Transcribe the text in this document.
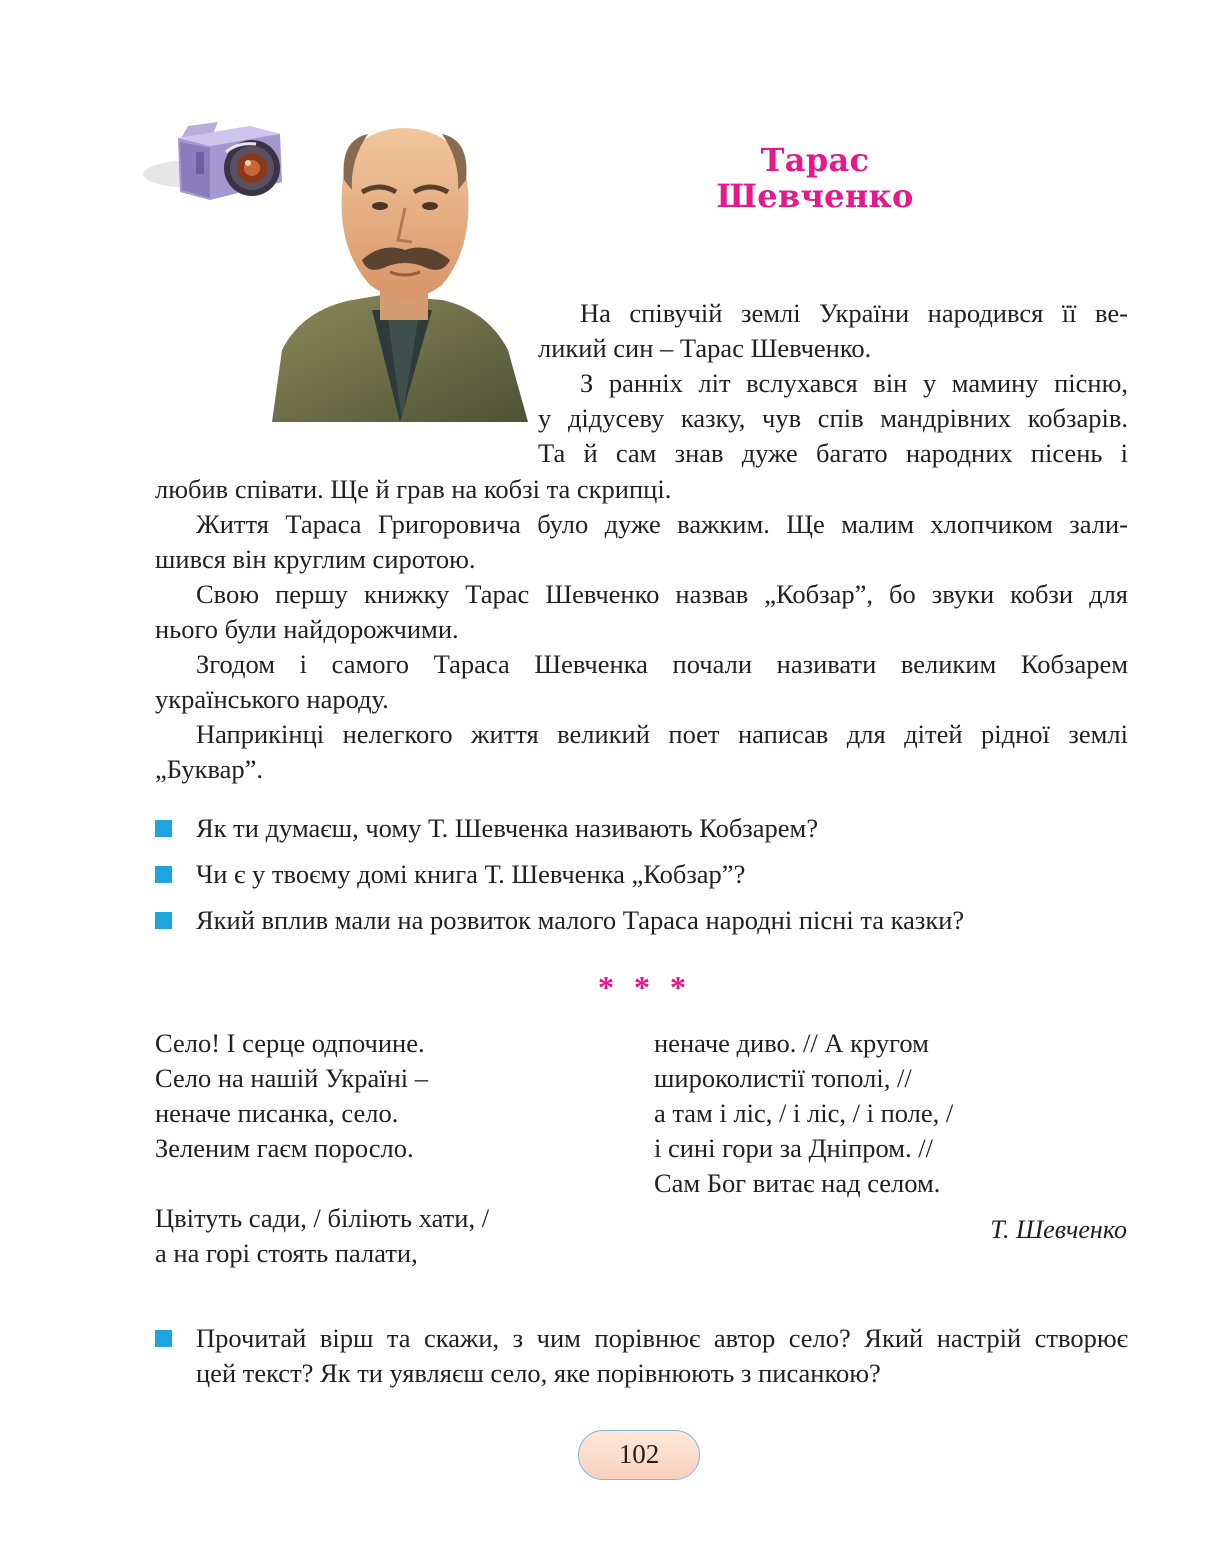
Тарас
Шевченко
На співучій землі України народився її ве-
ликий син – Тарас Шевченко.
З ранніх літ вслухався він у мамину пісню,
у дідусеву казку, чув спів мандрівних кобзарів.
Та й сам знав дуже багато народних пісень і
любив співати. Ще й грав на кобзі та скрипці.
Життя Тараса Григоровича було дуже важким. Ще малим хлопчиком зали-
шився він круглим сиротою.
Свою першу книжку Тарас Шевченко назвав „Кобзар”, бо звуки кобзи для
нього були найдорожчими.
Згодом і самого Тараса Шевченка почали називати великим Кобзарем
українського народу.
Наприкінці нелегкого життя великий поет написав для дітей рідної землі
„Буквар”.
Як ти думаєш, чому Т. Шевченка називають Кобзарем?
Чи є у твоєму домі книга Т. Шевченка „Кобзар”?
Який вплив мали на розвиток малого Тараса народні пісні та казки?
* * *
Село! І серце одпочине.
Село на нашій Україні –
неначе писанка, село.
Зеленим гаєм поросло.
Цвітуть сади, / біліють хати, /
а на горі стоять палати,
неначе диво. // А кругом
широколистії тополі, //
а там і ліс, / і ліс, / і поле, /
і сині гори за Дніпром. //
Сам Бог витає над селом.
Т. Шевченко
Прочитай вірш та скажи, з чим порівнює автор село? Який настрій створює
цей текст? Як ти уявляєш село, яке порівнюють з писанкою?
102
